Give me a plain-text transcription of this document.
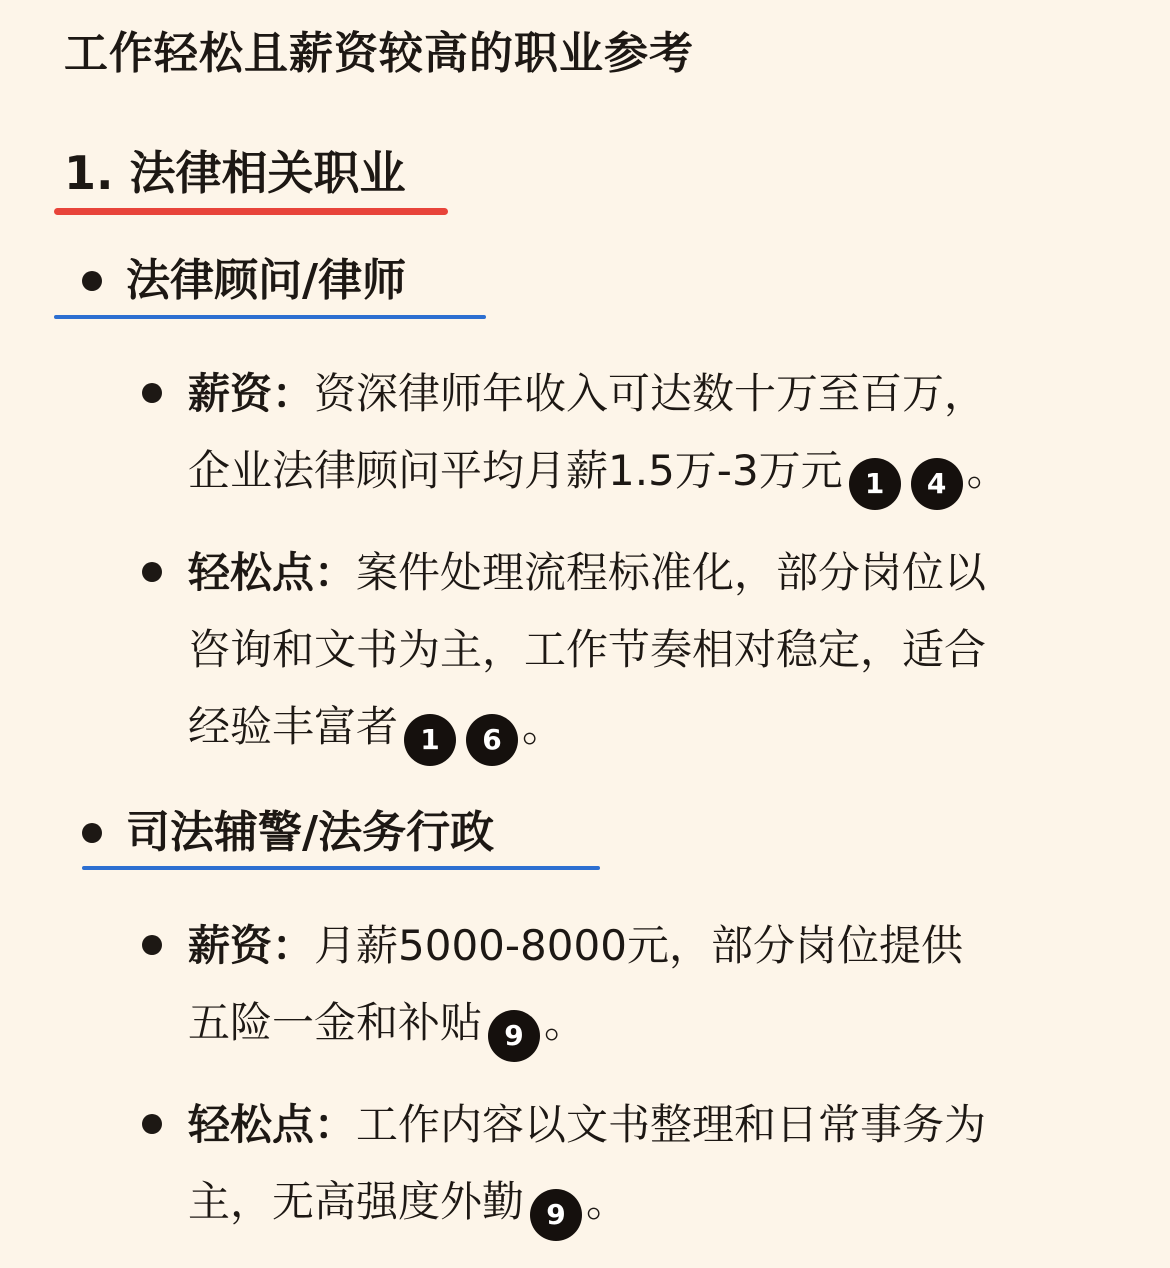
工作轻松且薪资较高的职业参考
1. 法律相关职业
法律顾问/律师
薪资：资深律师年收入可达数十万至百万，
企业法律顾问平均月薪1.5万-3万元 1 4 。
轻松点：案件处理流程标准化，部分岗位以
咨询和文书为主，工作节奏相对稳定，适合
经验丰富者 1 6 。
司法辅警/法务行政
薪资：月薪5000-8000元，部分岗位提供
五险一金和补贴 9 。
轻松点：工作内容以文书整理和日常事务为
主，无高强度外勤 9 。
